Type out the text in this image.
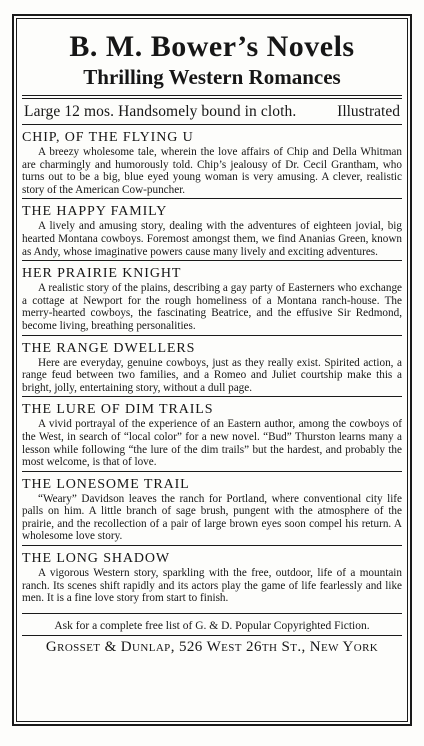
B. M. Bower’s Novels
Thrilling Western Romances
Large 12 mos. Handsomely bound in cloth.	Illustrated

CHIP, OF THE FLYING U

A breezy wholesome tale, wherein the love affairs of Chip and Della Whitman are charmingly and humorously told. Chip’s jealousy of Dr. Cecil Grantham, who turns out to be a big, blue eyed young woman is very amusing. A clever, realistic story of the American Cow-puncher.

THE HAPPY FAMILY

A lively and amusing story, dealing with the adventures of eighteen jovial, big hearted Montana cowboys. Foremost amongst them, we find Ananias Green, known as Andy, whose imaginative powers cause many lively and exciting adventures.

HER PRAIRIE KNIGHT

A realistic story of the plains, describing a gay party of Easterners who exchange a cottage at Newport for the rough homeliness of a Montana ranch-house. The merry-hearted cowboys, the fascinating Beatrice, and the effusive Sir Redmond, become living, breathing personalities.

THE RANGE DWELLERS

Here are everyday, genuine cowboys, just as they really exist. Spirited action, a range feud between two families, and a Romeo and Juliet courtship make this a bright, jolly, entertaining story, without a dull page.

THE LURE OF DIM TRAILS

A vivid portrayal of the experience of an Eastern author, among the cowboys of the West, in search of “local color” for a new novel. “Bud” Thurston learns many a lesson while following “the lure of the dim trails” but the hardest, and probably the most welcome, is that of love.

THE LONESOME TRAIL

“Weary” Davidson leaves the ranch for Portland, where conventional city life palls on him. A little branch of sage brush, pungent with the atmosphere of the prairie, and the recollection of a pair of large brown eyes soon compel his return. A wholesome love story.

THE LONG SHADOW

A vigorous Western story, sparkling with the free, outdoor, life of a mountain ranch. Its scenes shift rapidly and its actors play the game of life fearlessly and like men. It is a fine love story from start to finish.

Ask for a complete free list of G. & D. Popular Copyrighted Fiction.

Grosset & Dunlap, 526 West 26th St., New York
